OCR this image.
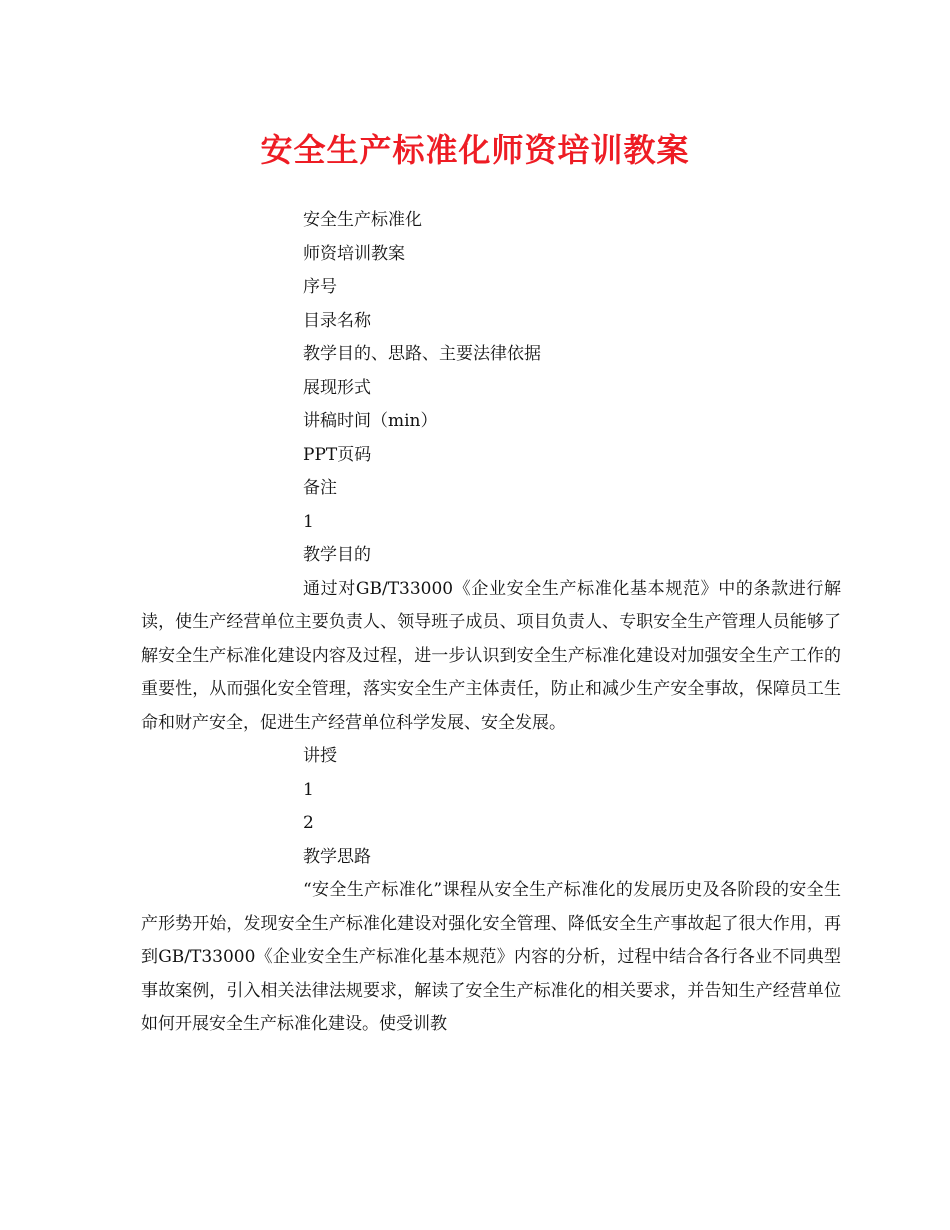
安全生产标准化师资培训教案
安全生产标准化
师资培训教案
序号
目录名称
教学目的、思路、主要法律依据
展现形式
讲稿时间（min）
PPT页码
备注
1
教学目的

通过对GB/T33000《企业安全生产标准化基本规范》中的条款进行解读，使生产经营单位主要负责人、领导班子成员、项目负责人、专职安全生产管理人员能够了解安全生产标准化建设内容及过程，进一步认识到安全生产标准化建设对加强安全生产工作的重要性，从而强化安全管理，落实安全生产主体责任，防止和减少生产安全事故，保障员工生命和财产安全，促进生产经营单位科学发展、安全发展。

讲授
1
2
教学思路

“安全生产标准化”课程从安全生产标准化的发展历史及各阶段的安全生产形势开始，发现安全生产标准化建设对强化安全管理、降低安全生产事故起了很大作用，再到GB/T33000《企业安全生产标准化基本规范》内容的分析，过程中结合各行各业不同典型事故案例，引入相关法律法规要求，解读了安全生产标准化的相关要求，并告知生产经营单位如何开展安全生产标准化建设。使受训教
